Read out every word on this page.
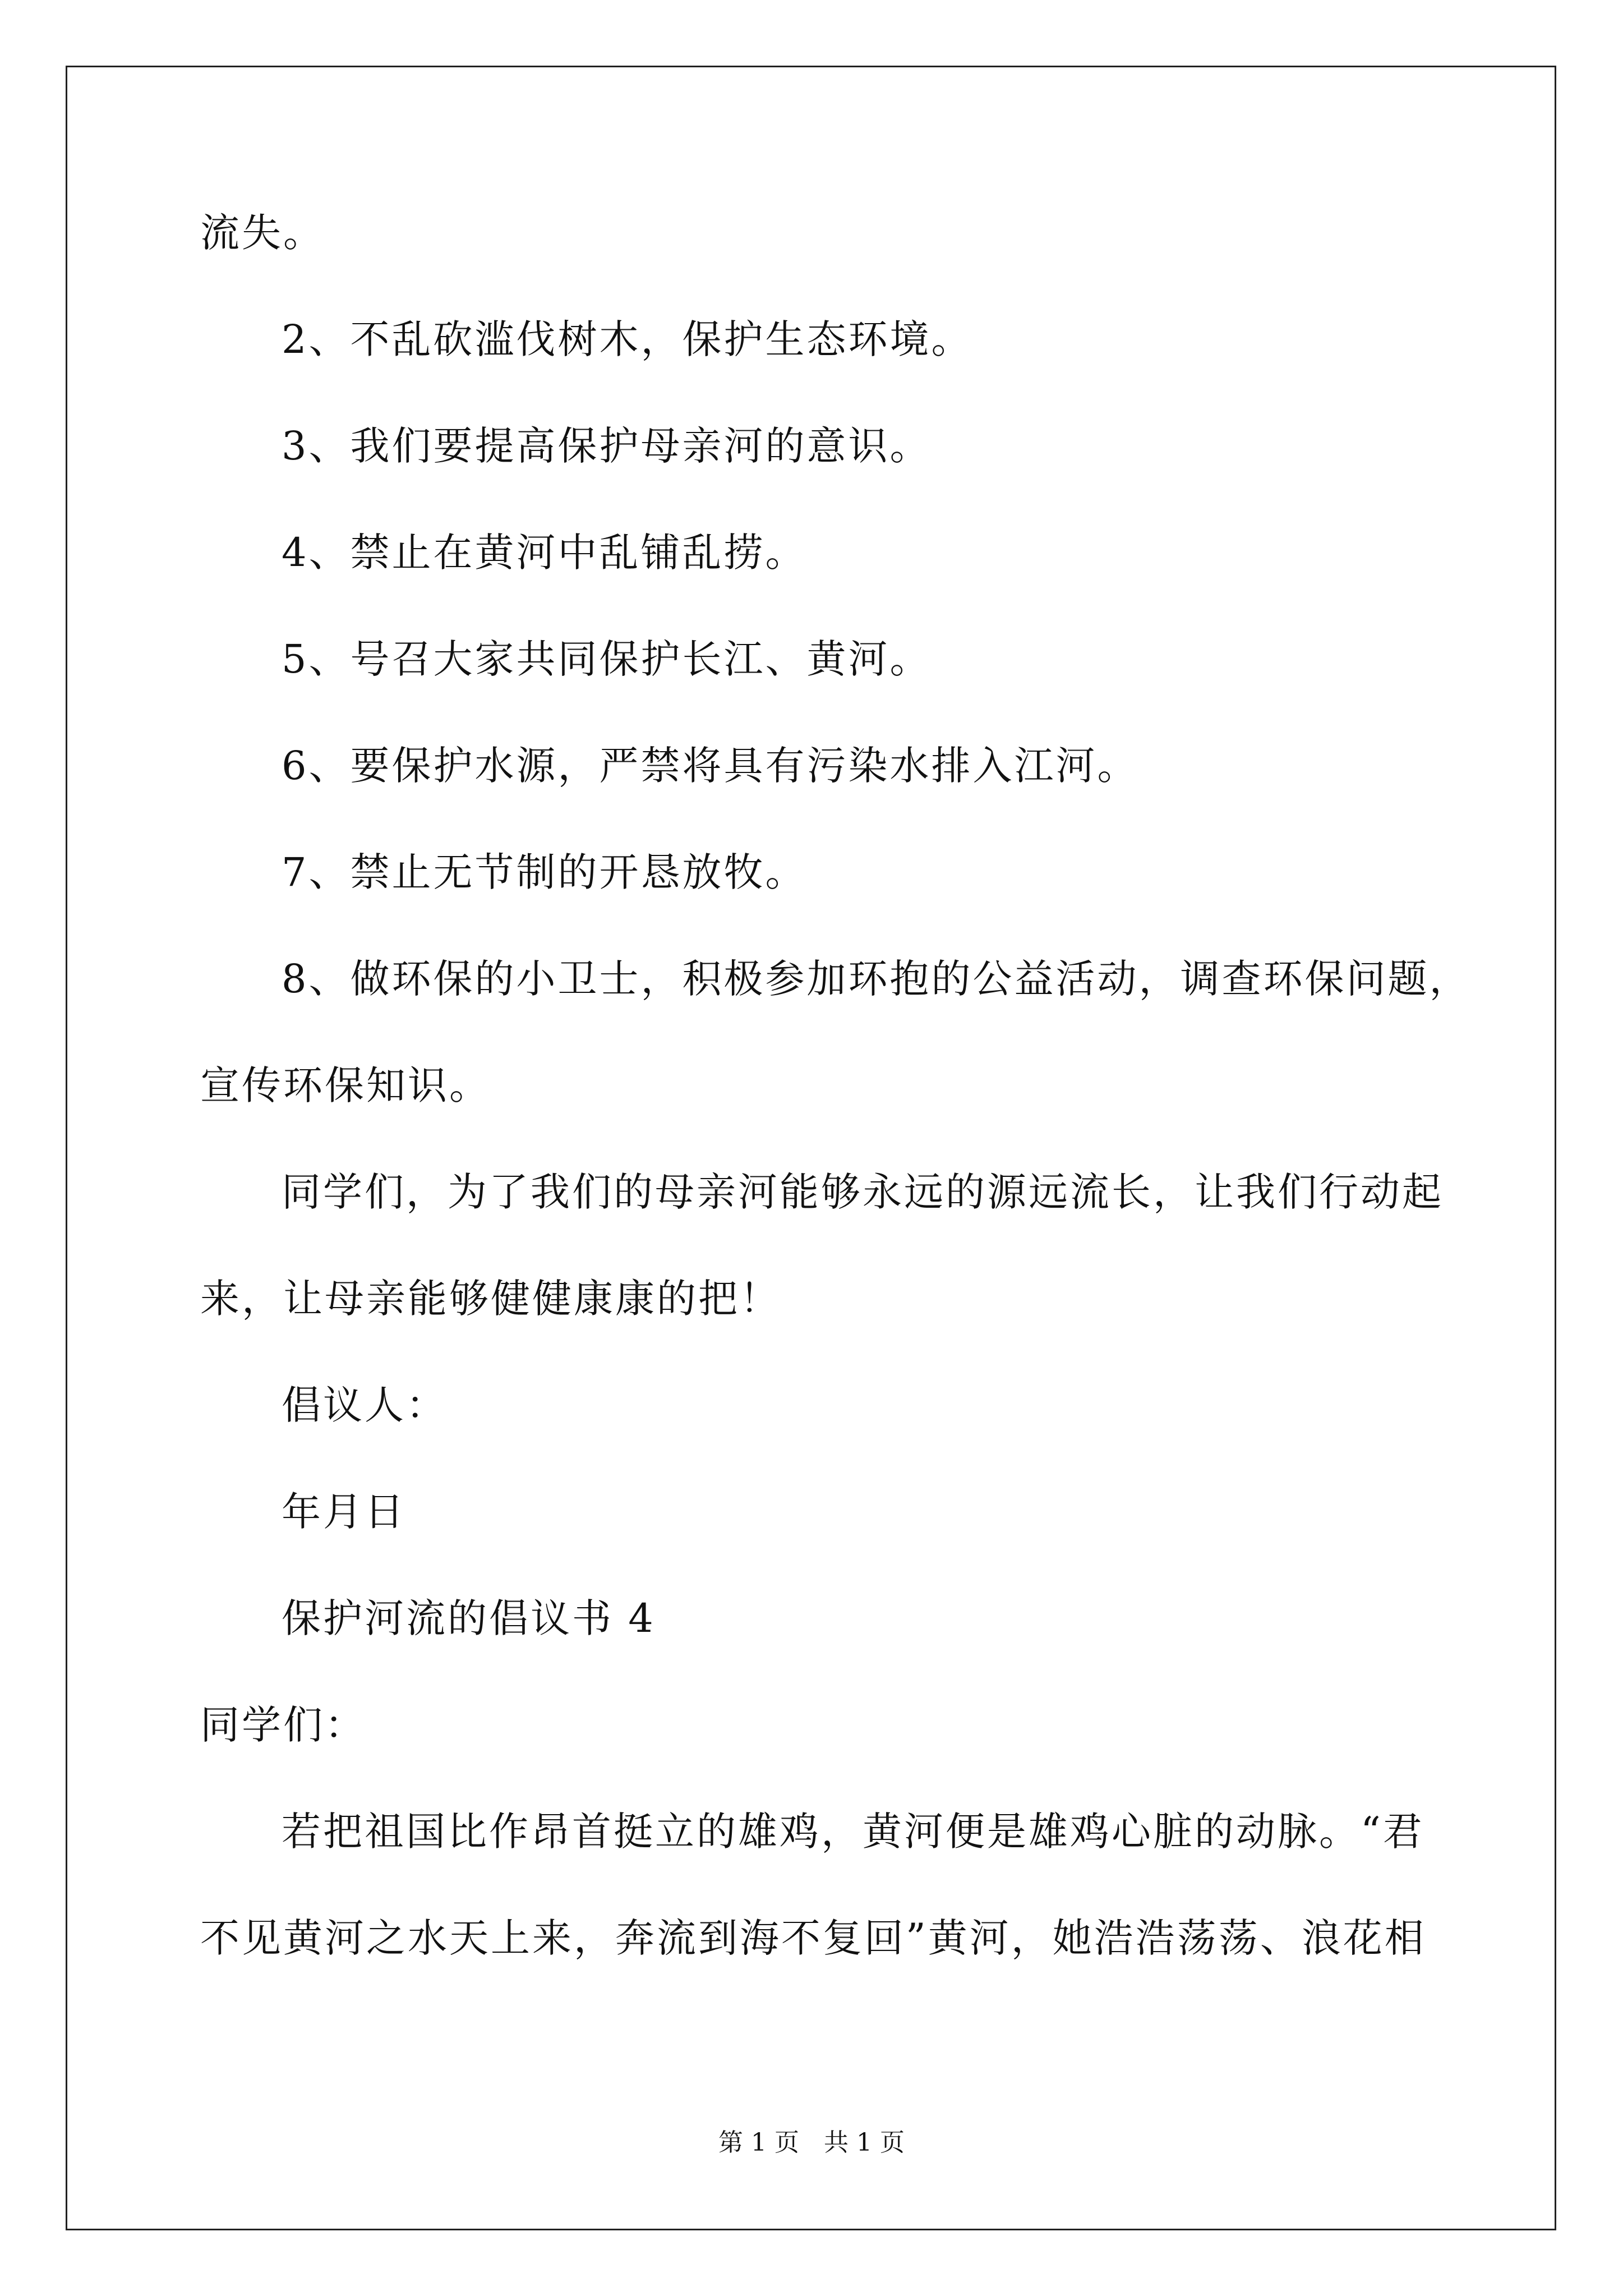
流失。
2、不乱砍滥伐树木，保护生态环境。
3、我们要提高保护母亲河的意识。
4、禁止在黄河中乱铺乱捞。
5、号召大家共同保护长江、黄河。
6、要保护水源，严禁将具有污染水排入江河。
7、禁止无节制的开恳放牧。
8、做环保的小卫士，积极参加环抱的公益活动，调查环保问题，
宣传环保知识。
同学们，为了我们的母亲河能够永远的源远流长，让我们行动起
来，让母亲能够健健康康的把！
倡议人：
年月日
保护河流的倡议书 4
同学们：
若把祖国比作昂首挺立的雄鸡，黄河便是雄鸡心脏的动脉。“君
不见黄河之水天上来，奔流到海不复回”黄河，她浩浩荡荡、浪花相
第 1 页　共 1 页
